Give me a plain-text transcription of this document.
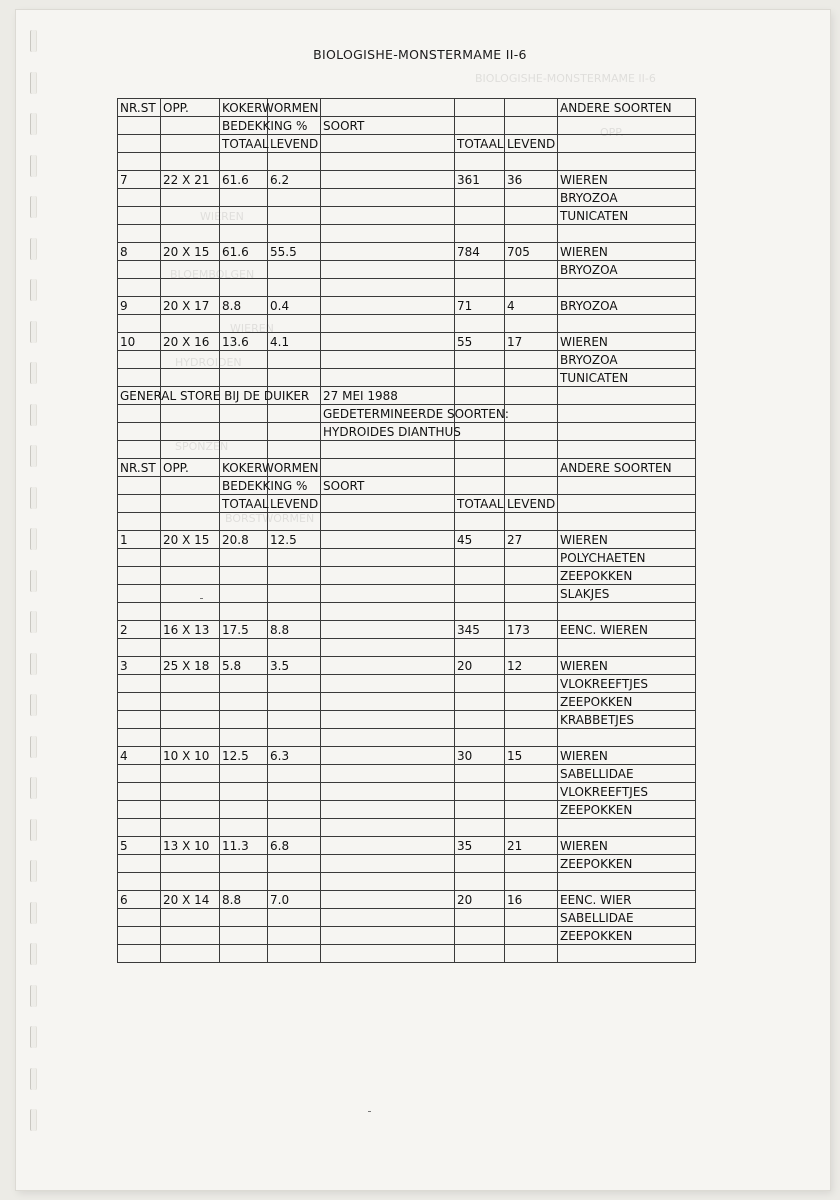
BIOLOGISHE-MONSTERMAME II-6
OPP.
WIEREN
BLOEMBOLGEN
WIEREN
HYDROIDEN
SPONZEN
BORSTWORMEN
BIOLOGISHE-MONSTERMAME II-6
NR.ST	OPP.	KOKERWORMEN					ANDERE SOORTEN
		BEDEKKING %		SOORT			
		TOTAAL	LEVEND		TOTAAL	LEVEND	

7	22 X 21	61.6	6.2		361	36	WIEREN
							BRYOZOA
							TUNICATEN

8	20 X 15	61.6	55.5		784	705	WIEREN
							BRYOZOA

9	20 X 17	8.8	0.4		71	4	BRYOZOA

10	20 X 16	13.6	4.1		55	17	WIEREN
							BRYOZOA
							TUNICATEN
GENERAL STORE BIJ DE DUIKER				27 MEI 1988			
				GEDETERMINEERDE SOORTEN:			
				HYDROIDES DIANTHUS			

NR.ST	OPP.	KOKERWORMEN					ANDERE SOORTEN
		BEDEKKING %		SOORT			
		TOTAAL	LEVEND		TOTAAL	LEVEND	

1	20 X 15	20.8	12.5		45	27	WIEREN
							POLYCHAETEN
							ZEEPOKKEN
							SLAKJES

2	16 X 13	17.5	8.8		345	173	EENC. WIEREN

3	25 X 18	5.8	3.5		20	12	WIEREN
							VLOKREEFTJES
							ZEEPOKKEN
							KRABBETJES

4	10 X 10	12.5	6.3		30	15	WIEREN
							SABELLIDAE
							VLOKREEFTJES
							ZEEPOKKEN

5	13 X 10	11.3	6.8		35	21	WIEREN
							ZEEPOKKEN

6	20 X 14	8.8	7.0		20	16	EENC. WIER
							SABELLIDAE
							ZEEPOKKEN
